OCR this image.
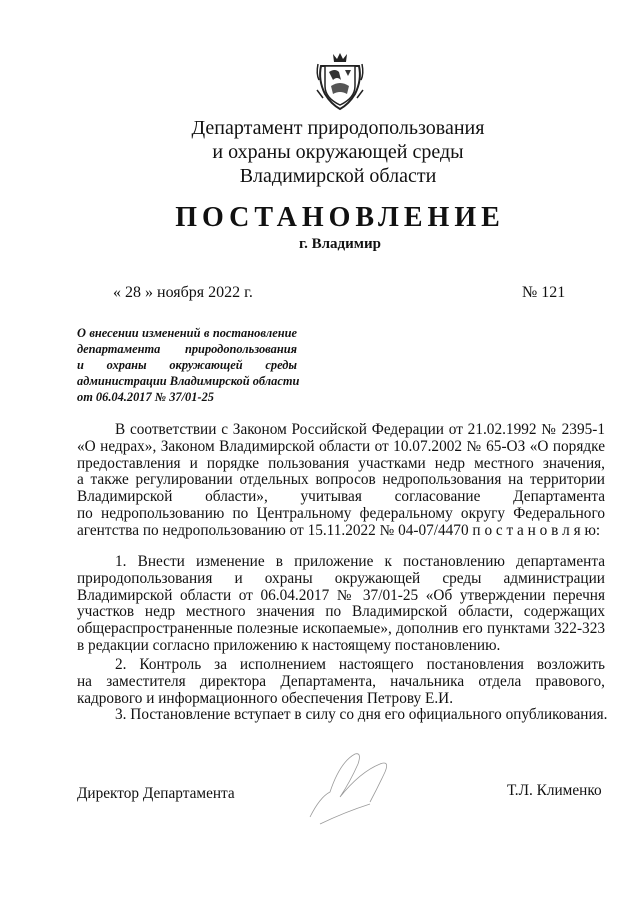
Департамент природопользования
и охраны окружающей среды
Владимирской области
ПОСТАНОВЛЕНИЕ
г. Владимир
« 28 » ноября 2022 г.	№ 121
О внесении изменений в постановление
департамента природопользования
и охраны окружающей среды
администрации Владимирской области
от 06.04.2017 № 37/01-25
В соответствии с Законом Российской Федерации от 21.02.1992 № 2395-1
«О недрах», Законом Владимирской области от 10.07.2002 № 65-ОЗ «О порядке
предоставления и порядке пользования участками недр местного значения,
а также регулировании отдельных вопросов недропользования на территории
Владимирской области», учитывая согласование Департамента
по недропользованию по Центральному федеральному округу Федерального
агентства по недропользованию от 15.11.2022 № 04-07/4470 п о с т а н о в л я ю:
1. Внести изменение в приложение к постановлению департамента
природопользования и охраны окружающей среды администрации
Владимирской области от 06.04.2017 № 37/01-25 «Об утверждении перечня
участков недр местного значения по Владимирской области, содержащих
общераспространенные полезные ископаемые», дополнив его пунктами 322-323
в редакции согласно приложению к настоящему постановлению.
2. Контроль за исполнением настоящего постановления возложить
на заместителя директора Департамента, начальника отдела правового,
кадрового и информационного обеспечения Петрову Е.И.
3. Постановление вступает в силу со дня его официального опубликования.
Директор Департамента	Т.Л. Клименко
